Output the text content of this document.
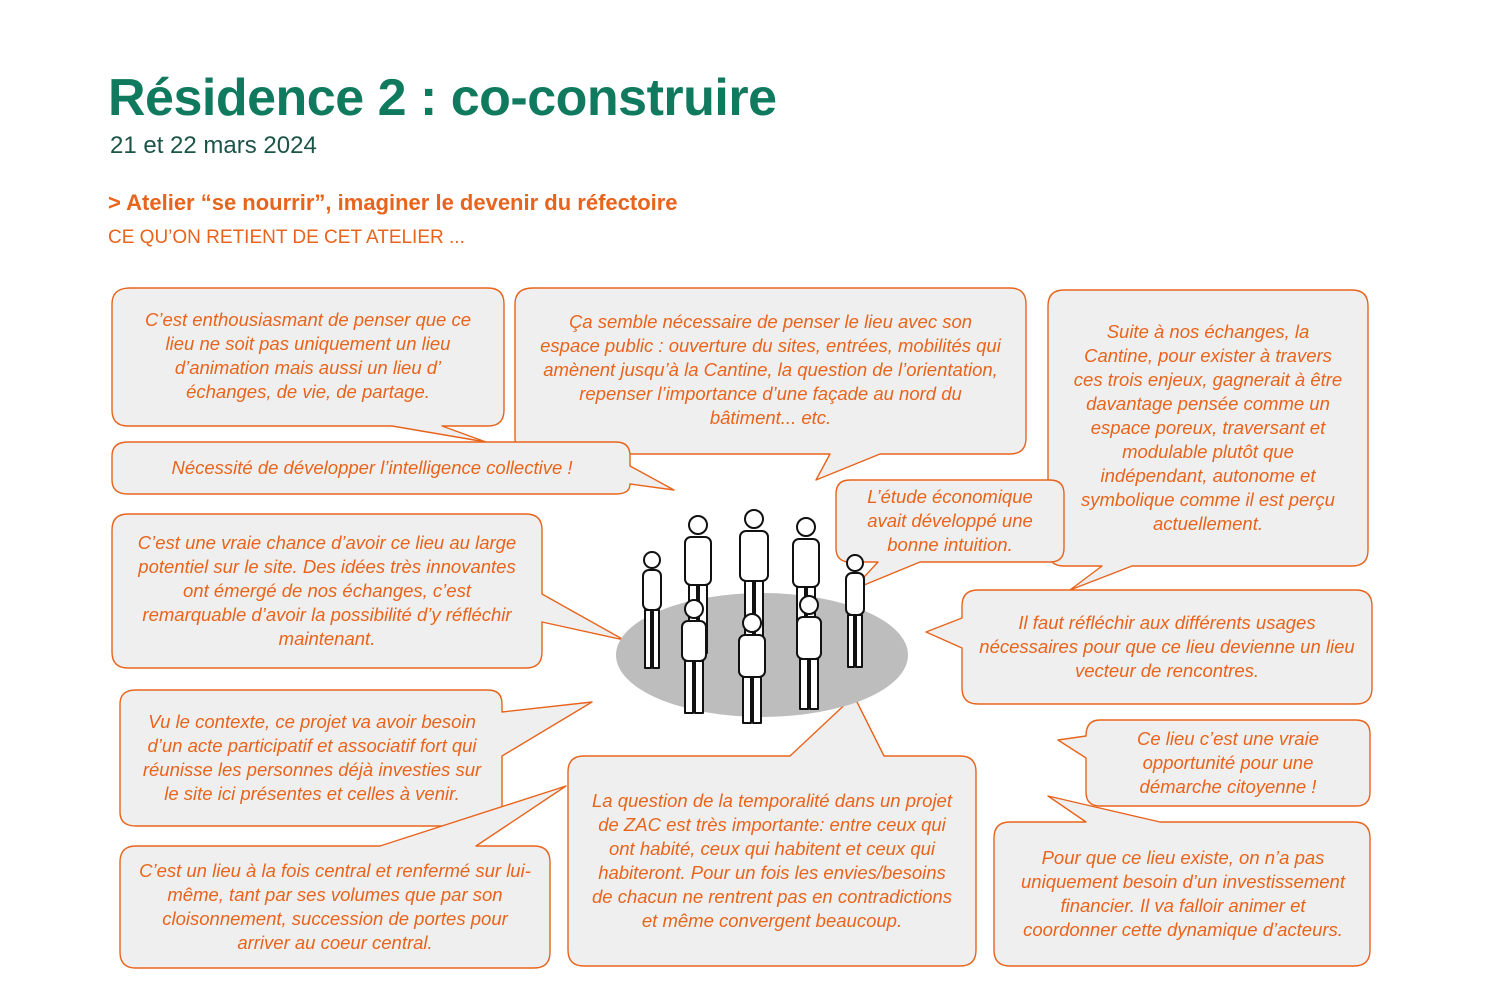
Résidence 2 : co-construire
21 et 22 mars 2024
> Atelier “se nourrir”, imaginer le devenir du réfectoire
CE QU’ON RETIENT DE CET ATELIER ...
C’est enthousiasmant de penser que ce lieu ne soit pas uniquement un lieu d’animation mais aussi un lieu d’ échanges, de vie, de partage.
Ça semble nécessaire de penser le lieu avec son espace public : ouverture du sites, entrées, mobilités qui amènent jusqu’à la Cantine, la question de l’orientation, repenser l’importance d’une façade au nord du bâtiment... etc.
Suite à nos échanges, la Cantine, pour exister à travers ces trois enjeux, gagnerait à être davantage pensée comme un espace poreux, traversant et modulable plutôt que indépendant, autonome et symbolique comme il est perçu actuellement.
Nécessité de développer l’intelligence collective !
L’étude économique avait développé une bonne intuition.
C’est une vraie chance d’avoir ce lieu au large potentiel sur le site. Des idées très innovantes ont émergé de nos échanges, c’est remarquable d’avoir la possibilité d’y réfléchir maintenant.
Il faut réfléchir aux différents usages nécessaires pour que ce lieu devienne un lieu vecteur de rencontres.
Vu le contexte, ce projet va avoir besoin d’un acte participatif et associatif fort qui réunisse les personnes déjà investies sur le site ici présentes et celles à venir.
Ce lieu c’est une vraie opportunité pour une démarche citoyenne !
La question de la temporalité dans un projet de ZAC est très importante: entre ceux qui ont habité, ceux qui habitent et ceux qui habiteront. Pour un fois les envies/besoins de chacun ne rentrent pas en contradictions et même convergent beaucoup.
C’est un lieu à la fois central et renfermé sur lui-même, tant par ses volumes que par son cloisonnement, succession de portes pour arriver au coeur central.
Pour que ce lieu existe, on n’a pas uniquement besoin d’un investissement financier. Il va falloir animer et coordonner cette dynamique d’acteurs.
